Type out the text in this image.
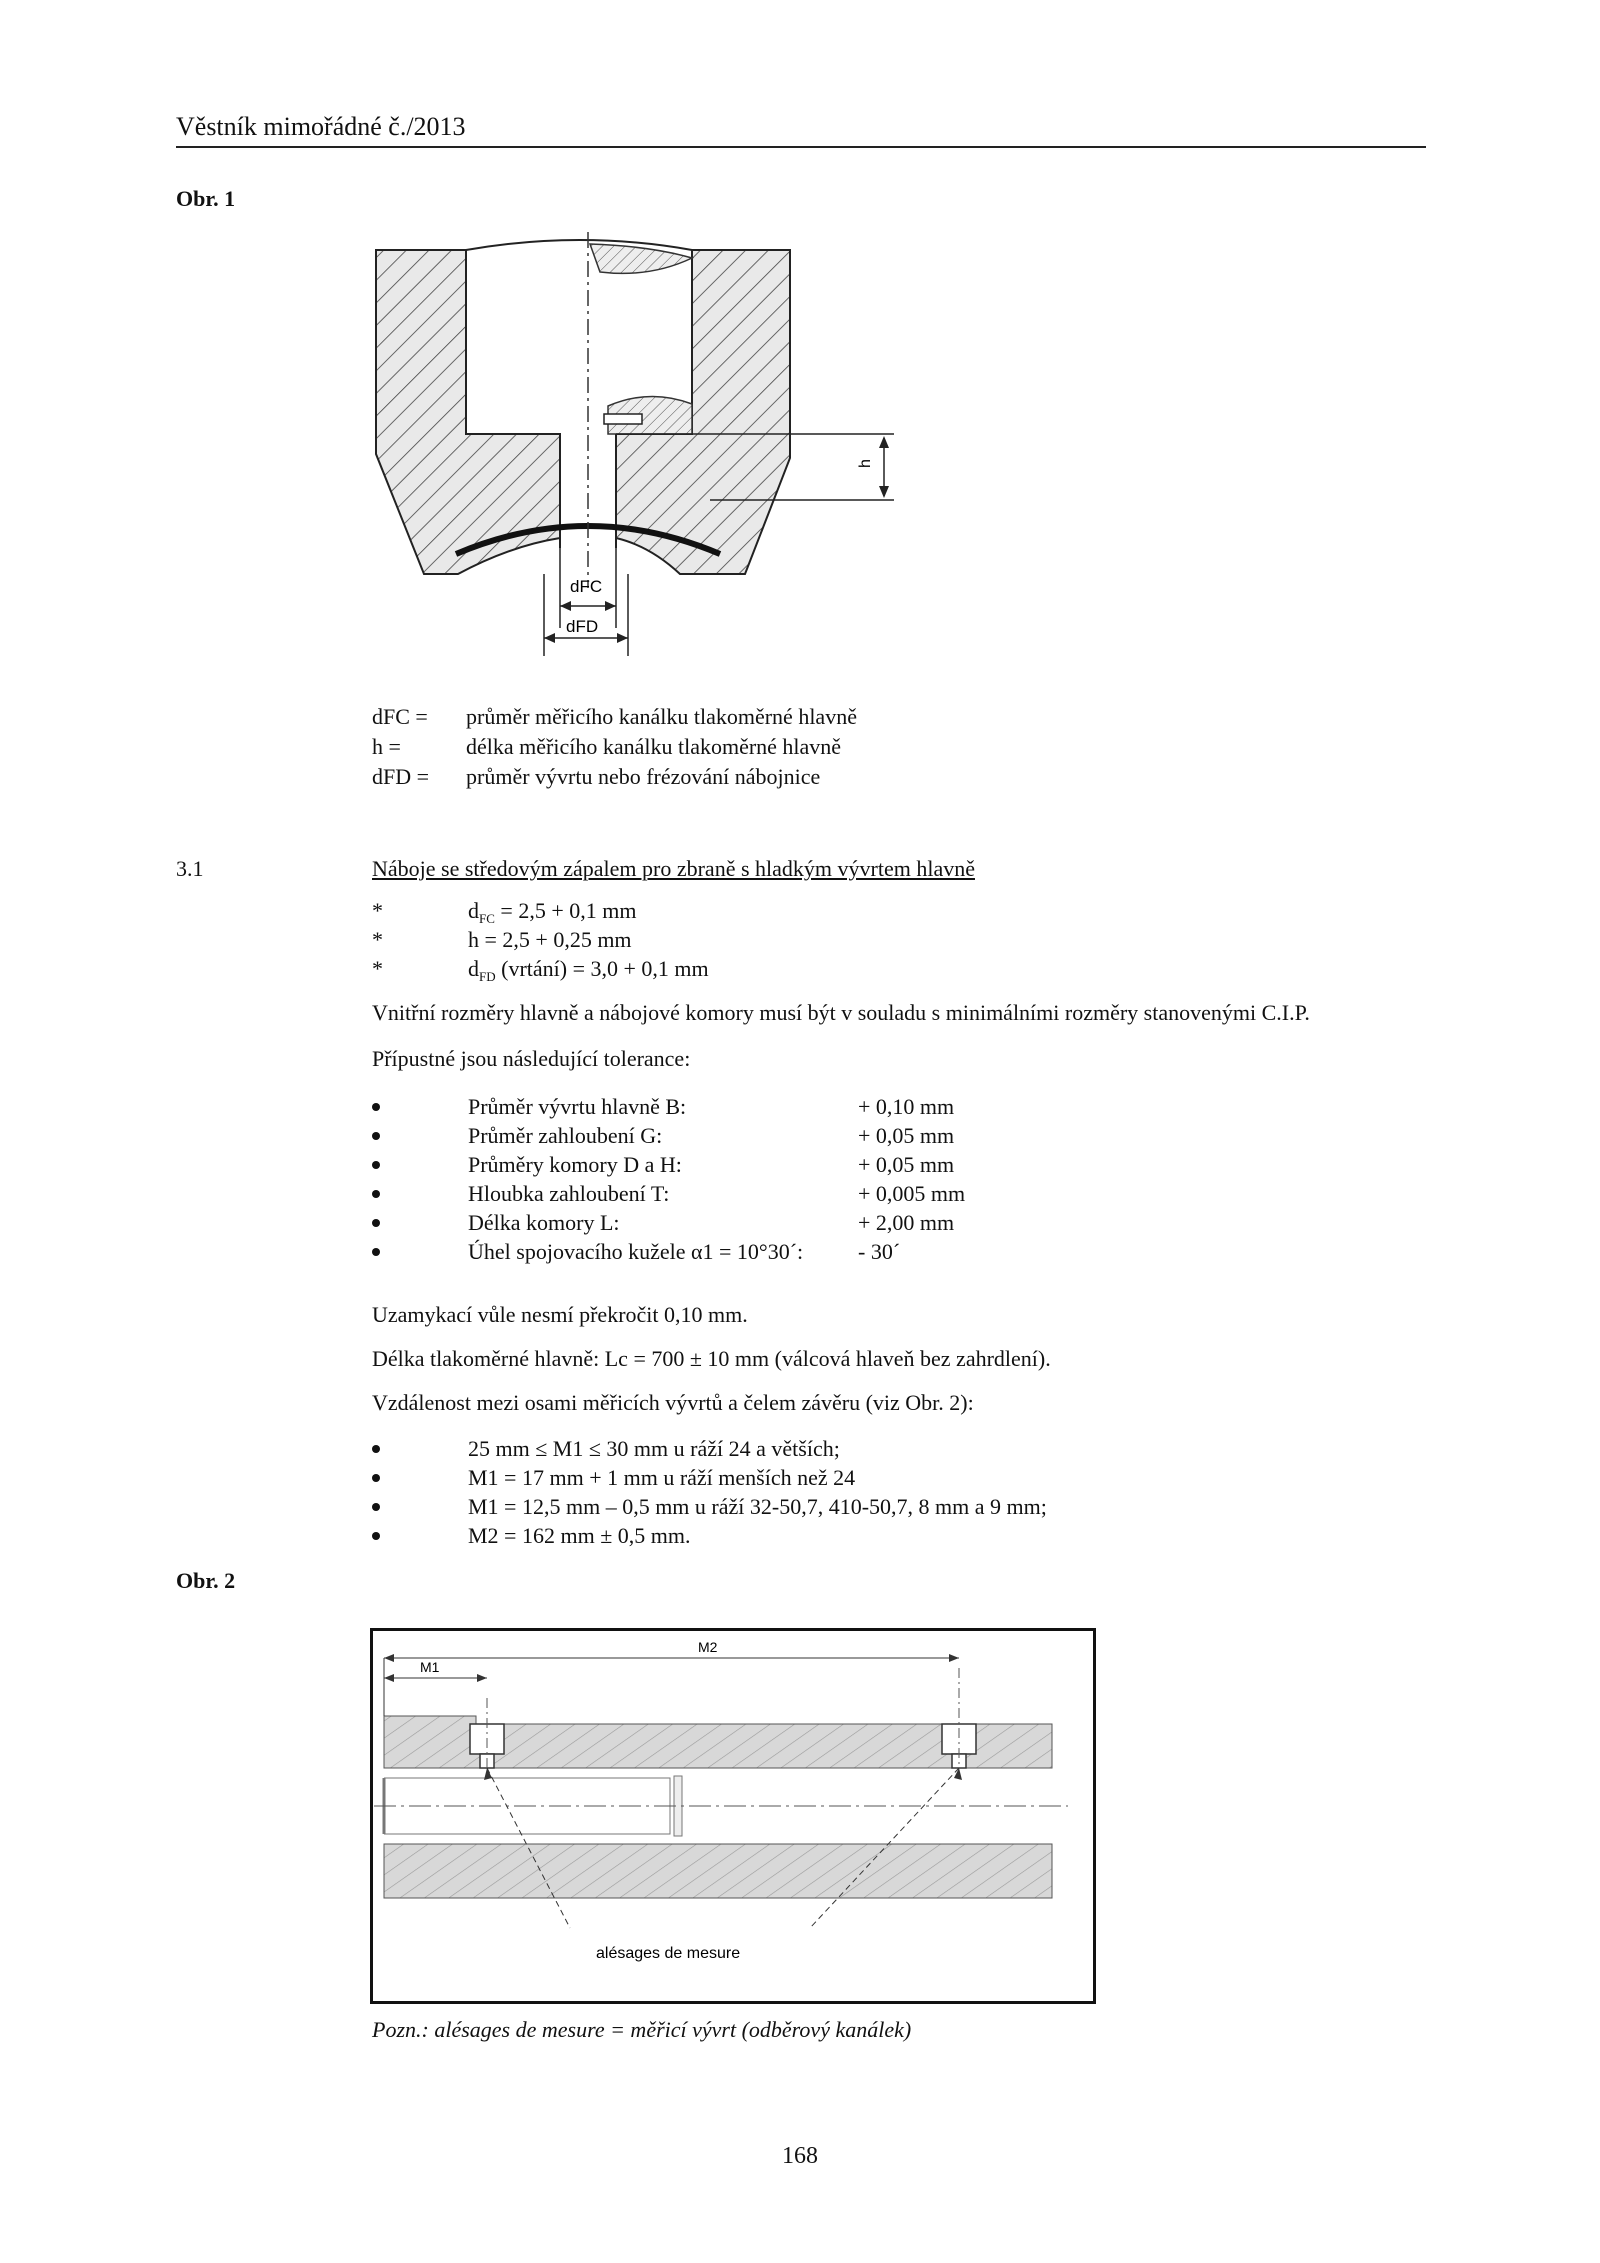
Věstník mimořádné č./2013
Obr. 1
h
dFC
dFD
dFC = průměr měřicího kanálku tlakoměrné hlavně
h =	délka měřicího kanálku tlakoměrné hlavně
dFD = průměr vývrtu nebo frézování nábojnice
3.1	Náboje se středovým zápalem pro zbraně s hladkým vývrtem hlavně
*	$d_{FC} = 2,5 + 0,1$ mm
*	h = 2,5 + 0,25 mm
*	$d_{FD}$ (vrtání) = 3,0 + 0,1 mm
Vnitřní rozměry hlavně a nábojové komory musí být v souladu s minimálními rozměry stanovenými C.I.P.
Přípustné jsou následující tolerance:
Průměr vývrtu hlavně B:	+ 0,10 mm
Průměr zahloubení G:	+ 0,05 mm
Průměry komory D a H:	+ 0,05 mm
Hloubka zahloubení T:	+ 0,005 mm
Délka komory L:	+ 2,00 mm
Úhel spojovacího kužele α1 = 10°30´: - 30´
Uzamykací vůle nesmí překročit 0,10 mm.
Délka tlakoměrné hlavně: Lc = 700 ± 10 mm (válcová hlaveň bez zahrdlení).
Vzdálenost mezi osami měřicích vývrtů a čelem závěru (viz Obr. 2):
25 mm ≤ M1 ≤ 30 mm u ráží 24 a větších;
M1 = 17 mm + 1 mm u ráží menších než 24
M1 = 12,5 mm – 0,5 mm u ráží 32-50,7, 410-50,7, 8 mm a 9 mm;
M2 = 162 mm ± 0,5 mm.
Obr. 2
M1
M2
alésages de mesure
Pozn.: alésages de mesure = měřicí vývrt (odběrový kanálek)
168
